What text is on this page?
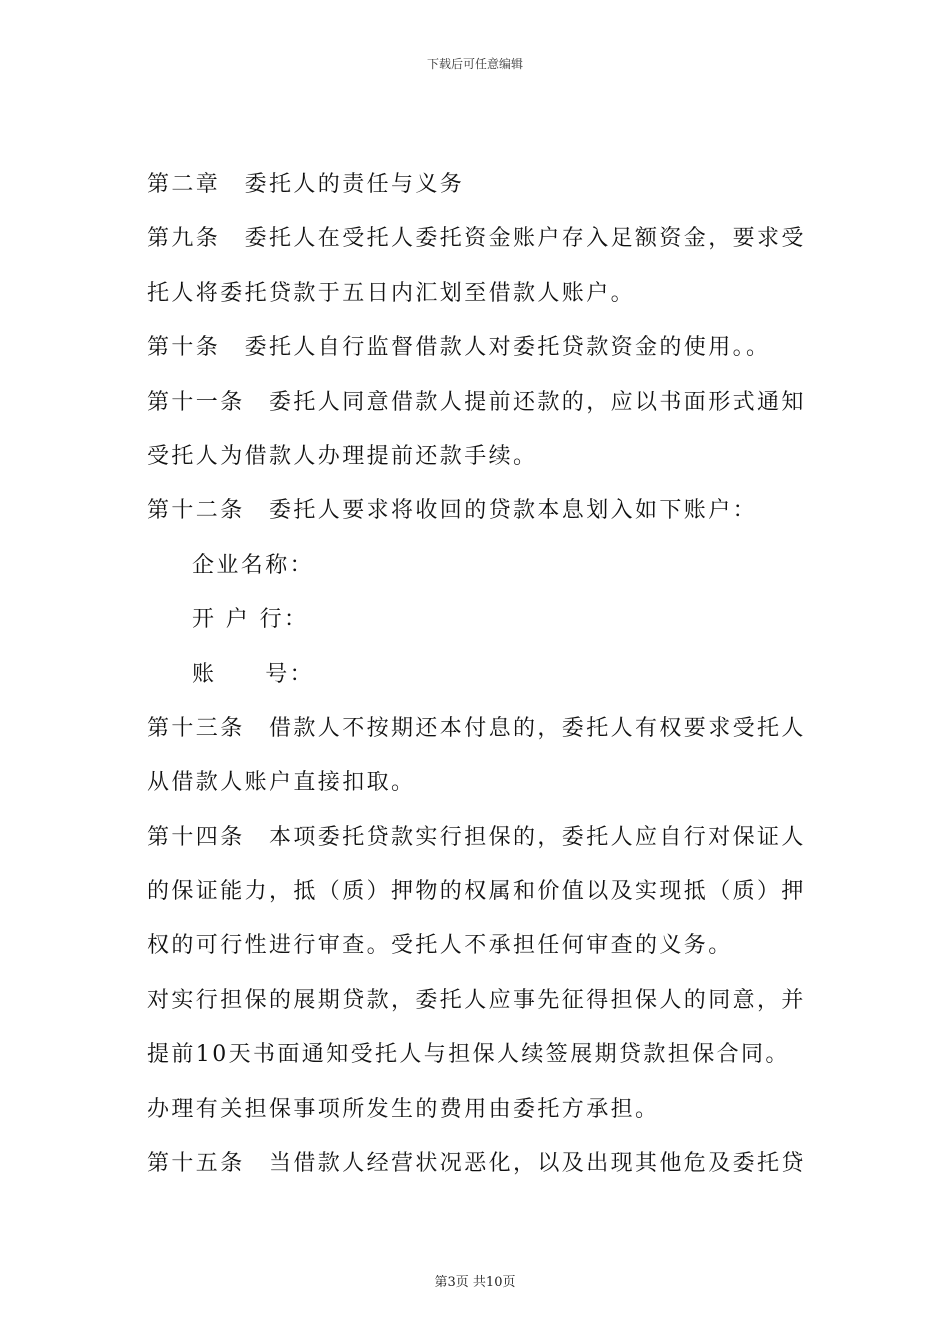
下载后可任意编辑
第二章　委托人的责任与义务
第九条　委托人在受托人委托资金账户存入足额资金，要求受
托人将委托贷款于五日内汇划至借款人账户。
第十条　委托人自行监督借款人对委托贷款资金的使用。。
第十一条　委托人同意借款人提前还款的，应以书面形式通知
受托人为借款人办理提前还款手续。
第十二条　委托人要求将收回的贷款本息划入如下账户：
企业名称：
开 户 行：
账　　号：
第十三条　借款人不按期还本付息的，委托人有权要求受托人
从借款人账户直接扣取。
第十四条　本项委托贷款实行担保的，委托人应自行对保证人
的保证能力，抵（质）押物的权属和价值以及实现抵（质）押
权的可行性进行审查。受托人不承担任何审查的义务。
对实行担保的展期贷款，委托人应事先征得担保人的同意，并
提前10天书面通知受托人与担保人续签展期贷款担保合同。
办理有关担保事项所发生的费用由委托方承担。
第十五条　当借款人经营状况恶化，以及出现其他危及委托贷
第3页 共10页
